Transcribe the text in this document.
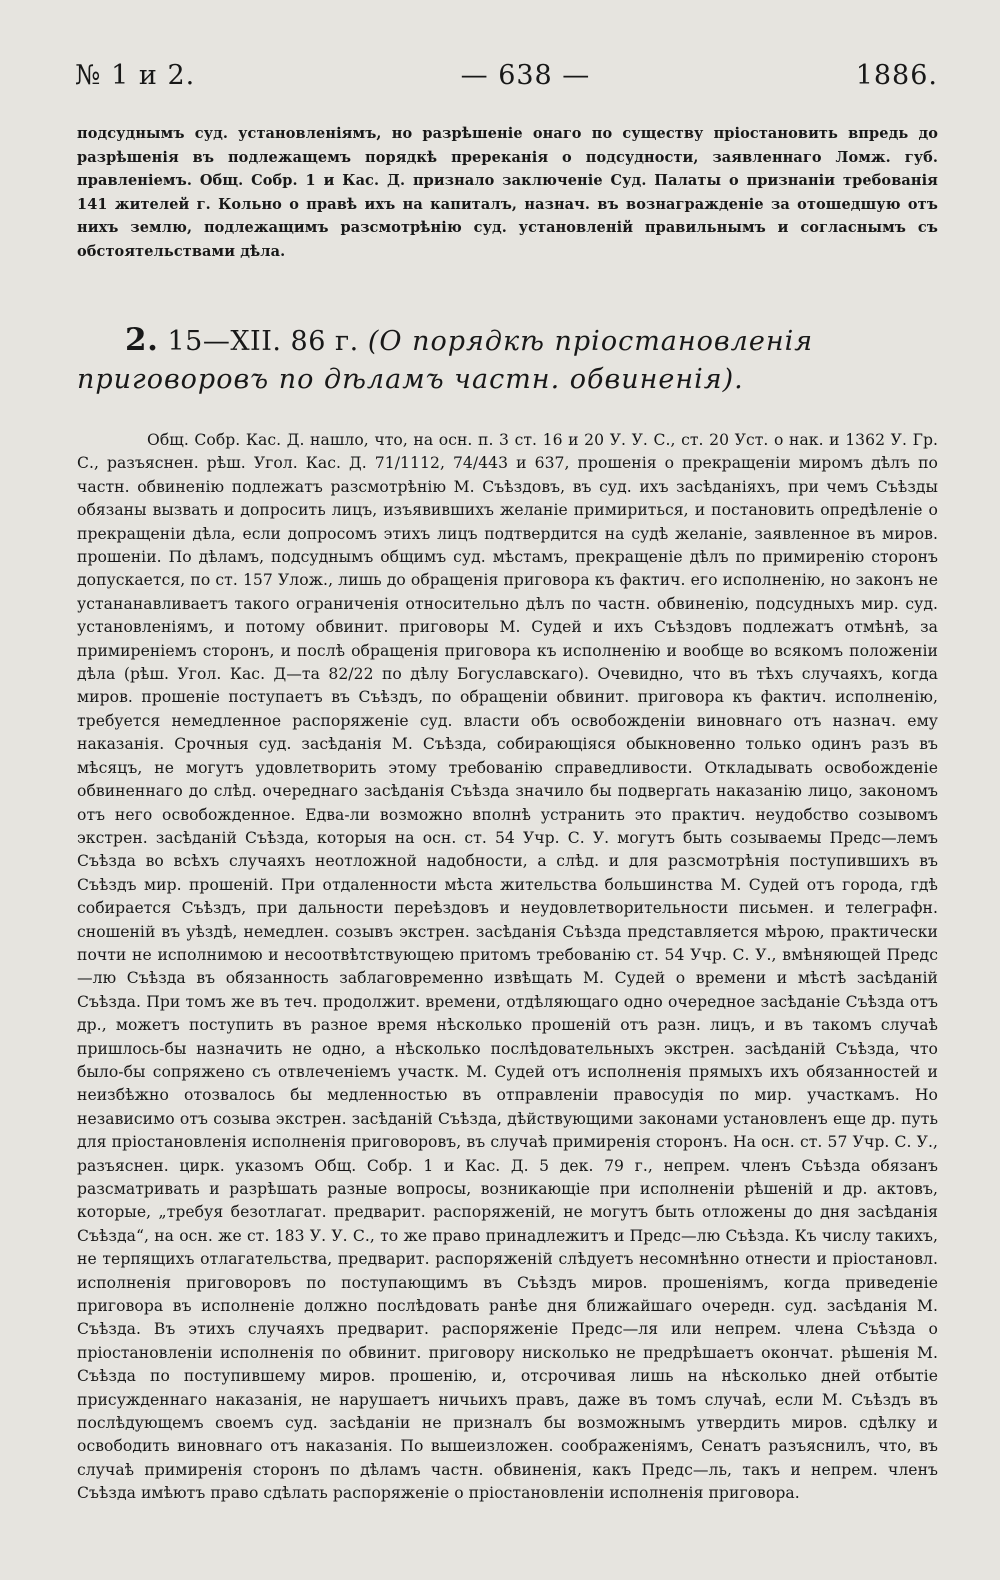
№ 1 и 2.	— 638 —	1886.

подсуднымъ суд. установленіямъ, но разрѣшеніе онаго по существу пріостановить впредь до разрѣшенія въ подлежащемъ порядкѣ пререканія о подсудности, заявленнаго Ломж. губ. правленіемъ. Общ. Собр. 1 и Кас. Д. признало заключеніе Суд. Палаты о признаніи требованія 141 жителей г. Кольно о правѣ ихъ на капиталъ, назнач. въ вознагражденіе за отошедшую отъ нихъ землю, подлежащимъ разсмотрѣнію суд. установленій правильнымъ и согласнымъ съ обстоятельствами дѣла.

2. 15—XII. 86 г. (О порядкѣ пріостановленія приговоровъ по дѣламъ частн. обвиненія).

Общ. Собр. Кас. Д. нашло, что, на осн. п. 3 ст. 16 и 20 У. У. С., ст. 20 Уст. о нак. и 1362 У. Гр. С., разъяснен. рѣш. Угол. Кас. Д. 71/1112, 74/443 и 637, прошенія о прекращеніи миромъ дѣлъ по частн. обвиненію подлежатъ разсмотрѣнію М. Съѣздовъ, въ суд. ихъ засѣданіяхъ, при чемъ Съѣзды обязаны вызвать и допросить лицъ, изъявившихъ желаніе примириться, и постановить опредѣленіе о прекращеніи дѣла, если допросомъ этихъ лицъ подтвердится на судѣ желаніе, заявленное въ миров. прошеніи. По дѣламъ, подсуднымъ общимъ суд. мѣстамъ, прекращеніе дѣлъ по примиренію сторонъ допускается, по ст. 157 Улож., лишь до обращенія приговора къ фактич. его исполненію, но законъ не устананавливаетъ такого ограниченія относительно дѣлъ по частн. обвиненію, подсудныхъ мир. суд. установленіямъ, и потому обвинит. приговоры М. Судей и ихъ Съѣздовъ подлежатъ отмѣнѣ, за примиреніемъ сторонъ, и послѣ обращенія приговора къ исполненію и вообще во всякомъ положеніи дѣла (рѣш. Угол. Кас. Д—та 82/22 по дѣлу Богуславскаго). Очевидно, что въ тѣхъ случаяхъ, когда миров. прошеніе поступаетъ въ Съѣздъ, по обращеніи обвинит. приговора къ фактич. исполненію, требуется немедленное распоряженіе суд. власти объ освобожденіи виновнаго отъ назнач. ему наказанія. Срочныя суд. засѣданія М. Съѣзда, собирающіяся обыкновенно только одинъ разъ въ мѣсяцъ, не могутъ удовлетворить этому требованію справедливости. Откладывать освобожденіе обвиненнаго до слѣд. очереднаго засѣданія Съѣзда значило бы подвергать наказанію лицо, закономъ отъ него освобожденное. Едва-ли возможно вполнѣ устранить это практич. неудобство созывомъ экстрен. засѣданій Съѣзда, которыя на осн. ст. 54 Учр. С. У. могутъ быть созываемы Предс—лемъ Съѣзда во всѣхъ случаяхъ неотложной надобности, а слѣд. и для разсмотрѣнія поступившихъ въ Съѣздъ мир. прошеній. При отдаленности мѣста жительства большинства М. Судей отъ города, гдѣ собирается Съѣздъ, при дальности переѣздовъ и неудовлетворительности письмен. и телеграфн. сношеній въ уѣздѣ, немедлен. созывъ экстрен. засѣданія Съѣзда представляется мѣрою, практически почти не исполнимою и несоотвѣтствующею притомъ требованію ст. 54 Учр. С. У., вмѣняющей Предс—лю Съѣзда въ обязанность заблаговременно извѣщать М. Судей о времени и мѣстѣ засѣданій Съѣзда. При томъ же въ теч. продолжит. времени, отдѣляющаго одно очередное засѣданіе Съѣзда отъ др., можетъ поступить въ разное время нѣсколько прошеній отъ разн. лицъ, и въ такомъ случаѣ пришлось-бы назначить не одно, а нѣсколько послѣдовательныхъ экстрен. засѣданій Съѣзда, что было-бы сопряжено съ отвлеченіемъ участк. М. Судей отъ исполненія прямыхъ ихъ обязанностей и неизбѣжно отозвалось бы медленностью въ отправленіи правосудія по мир. участкамъ. Но независимо отъ созыва экстрен. засѣданій Съѣзда, дѣйствующими законами установленъ еще др. путь для пріостановленія исполненія приговоровъ, въ случаѣ примиренія сторонъ. На осн. ст. 57 Учр. С. У., разъяснен. цирк. указомъ Общ. Собр. 1 и Кас. Д. 5 дек. 79 г., непрем. членъ Съѣзда обязанъ разсматривать и разрѣшать разные вопросы, возникающіе при исполненіи рѣшеній и др. актовъ, которые, „требуя безотлагат. предварит. распоряженій, не могутъ быть отложены до дня засѣданія Съѣзда“, на осн. же ст. 183 У. У. С., то же право принадлежитъ и Предс—лю Съѣзда. Къ числу такихъ, не терпящихъ отлагательства, предварит. распоряженій слѣдуетъ несомнѣнно отнести и пріостановл. исполненія приговоровъ по поступающимъ въ Съѣздъ миров. прошеніямъ, когда приведеніе приговора въ исполненіе должно послѣдовать ранѣе дня ближайшаго очередн. суд. засѣданія М. Съѣзда. Въ этихъ случаяхъ предварит. распоряженіе Предс—ля или непрем. члена Съѣзда о пріостановленіи исполненія по обвинит. приговору нисколько не предрѣшаетъ окончат. рѣшенія М. Съѣзда по поступившему миров. прошенію, и, отсрочивая лишь на нѣсколько дней отбытіе присужденнаго наказанія, не нарушаетъ ничьихъ правъ, даже въ томъ случаѣ, если М. Съѣздъ въ послѣдующемъ своемъ суд. засѣданіи не призналъ бы возможнымъ утвердить миров. сдѣлку и освободить виновнаго отъ наказанія. По вышеизложен. соображеніямъ, Сенатъ разъяснилъ, что, въ случаѣ примиренія сторонъ по дѣламъ частн. обвиненія, какъ Предс—ль, такъ и непрем. членъ Съѣзда имѣютъ право сдѣлать распоряженіе о пріостановленіи исполненія приговора.
